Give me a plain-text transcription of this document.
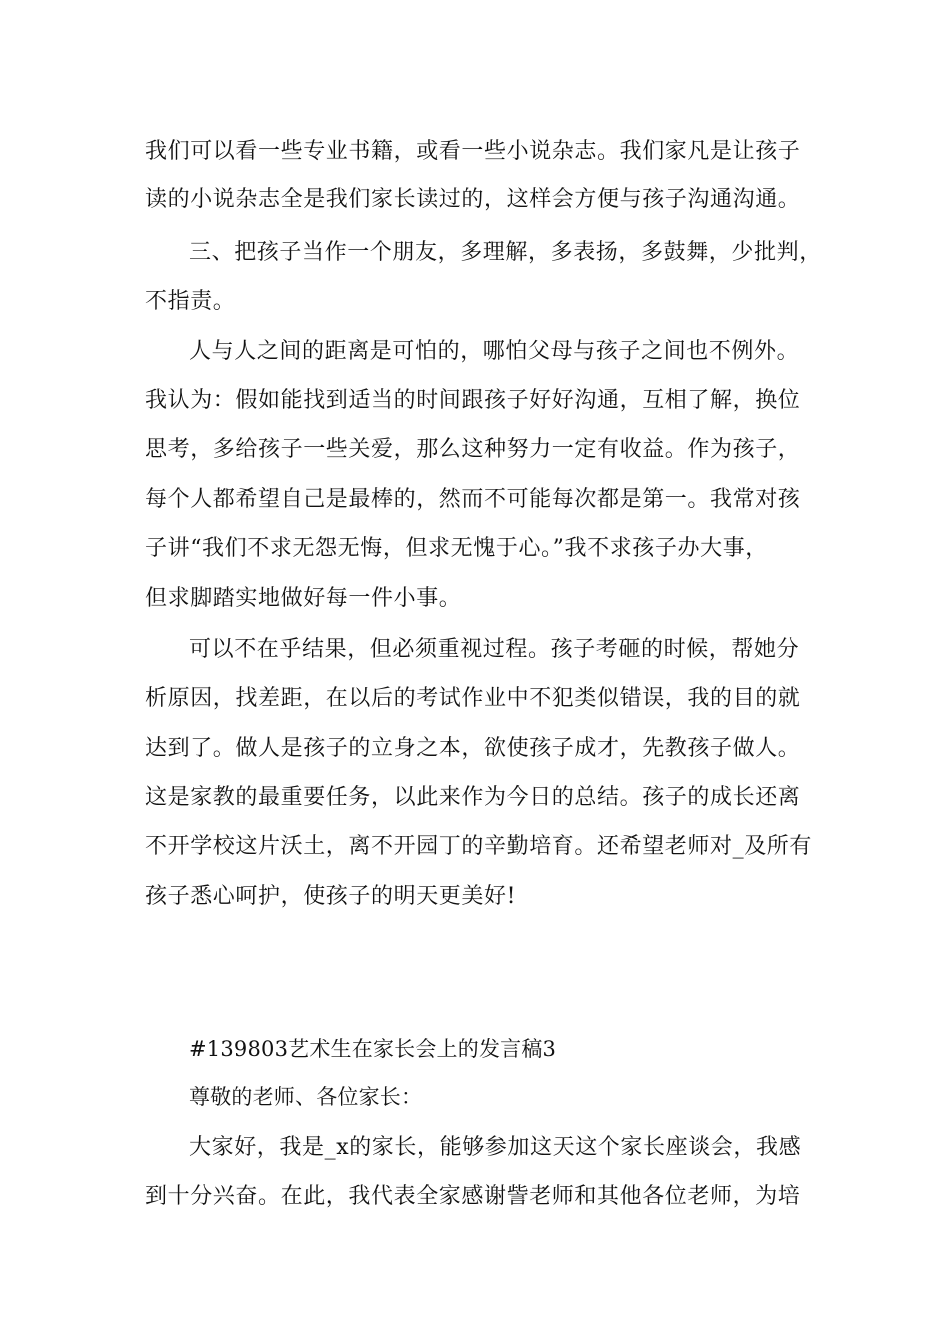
我们可以看一些专业书籍，或看一些小说杂志。我们家凡是让孩子
读的小说杂志全是我们家长读过的，这样会方便与孩子沟通沟通。
三、把孩子当作一个朋友，多理解，多表扬，多鼓舞，少批判，
不指责。
人与人之间的距离是可怕的，哪怕父母与孩子之间也不例外。
我认为：假如能找到适当的时间跟孩子好好沟通，互相了解，换位
思考，多给孩子一些关爱，那么这种努力一定有收益。作为孩子，
每个人都希望自己是最棒的，然而不可能每次都是第一。我常对孩
子讲“我们不求无怨无悔，但求无愧于心。”我不求孩子办大事，
但求脚踏实地做好每一件小事。
可以不在乎结果，但必须重视过程。孩子考砸的时候，帮她分
析原因，找差距，在以后的考试作业中不犯类似错误，我的目的就
达到了。做人是孩子的立身之本，欲使孩子成才，先教孩子做人。
这是家教的最重要任务，以此来作为今日的总结。孩子的成长还离
不开学校这片沃土，离不开园丁的辛勤培育。还希望老师对_及所有
孩子悉心呵护，使孩子的明天更美好!
#139803艺术生在家长会上的发言稿3
尊敬的老师、各位家长：
大家好，我是_x的家长，能够参加这天这个家长座谈会，我感
到十分兴奋。在此，我代表全家感谢訾老师和其他各位老师，为培
